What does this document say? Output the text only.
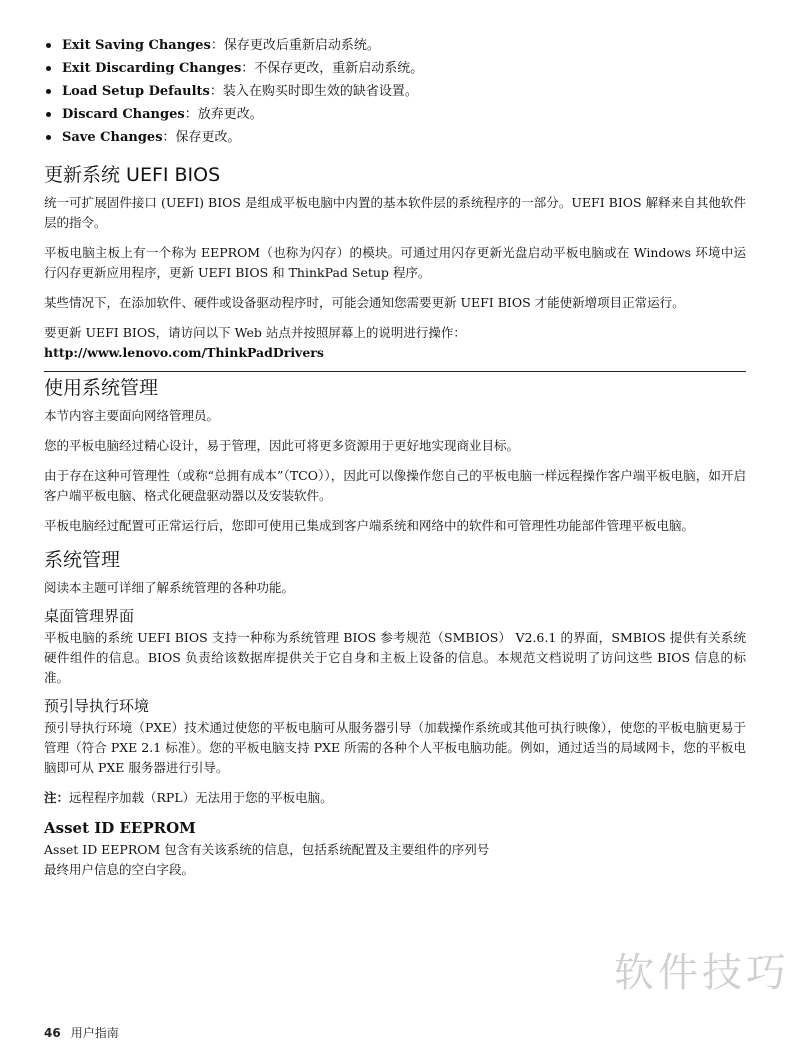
Exit Saving Changes：保存更改后重新启动系统。
Exit Discarding Changes：不保存更改，重新启动系统。
Load Setup Defaults：装入在购买时即生效的缺省设置。
Discard Changes：放弃更改。
Save Changes：保存更改。
更新系统 UEFI BIOS

统一可扩展固件接口 (UEFI) BIOS 是组成平板电脑中内置的基本软件层的系统程序的一部分。UEFI BIOS 解释来自其他软件层的指令。

平板电脑主板上有一个称为 EEPROM（也称为闪存）的模块。可通过用闪存更新光盘启动平板电脑或在 Windows 环境中运行闪存更新应用程序，更新 UEFI BIOS 和 ThinkPad Setup 程序。

某些情况下，在添加软件、硬件或设备驱动程序时，可能会通知您需要更新 UEFI BIOS 才能使新增项目正常运行。

要更新 UEFI BIOS，请访问以下 Web 站点并按照屏幕上的说明进行操作：

http://www.lenovo.com/ThinkPadDrivers

使用系统管理

本节内容主要面向网络管理员。

您的平板电脑经过精心设计，易于管理，因此可将更多资源用于更好地实现商业目标。

由于存在这种可管理性（或称“总拥有成本”（TCO）），因此可以像操作您自己的平板电脑一样远程操作客户端平板电脑，如开启客户端平板电脑、格式化硬盘驱动器以及安装软件。

平板电脑经过配置可正常运行后，您即可使用已集成到客户端系统和网络中的软件和可管理性功能部件管理平板电脑。

系统管理

阅读本主题可详细了解系统管理的各种功能。

桌面管理界面

平板电脑的系统 UEFI BIOS 支持一种称为系统管理 BIOS 参考规范（SMBIOS） V2.6.1 的界面，SMBIOS 提供有关系统硬件组件的信息。BIOS 负责给该数据库提供关于它自身和主板上设备的信息。本规范文档说明了访问这些 BIOS 信息的标准。

预引导执行环境

预引导执行环境（PXE）技术通过使您的平板电脑可从服务器引导（加载操作系统或其他可执行映像），使您的平板电脑更易于管理（符合 PXE 2.1 标准）。您的平板电脑支持 PXE 所需的各种个人平板电脑功能。例如，通过适当的局域网卡，您的平板电脑即可从 PXE 服务器进行引导。

注：远程程序加载（RPL）无法用于您的平板电脑。

Asset ID EEPROM

Asset ID EEPROM 包含有关该系统的信息，包括系统配置及主要组件的序列号

最终用户信息的空白字段。

软件技巧
46 用户指南
